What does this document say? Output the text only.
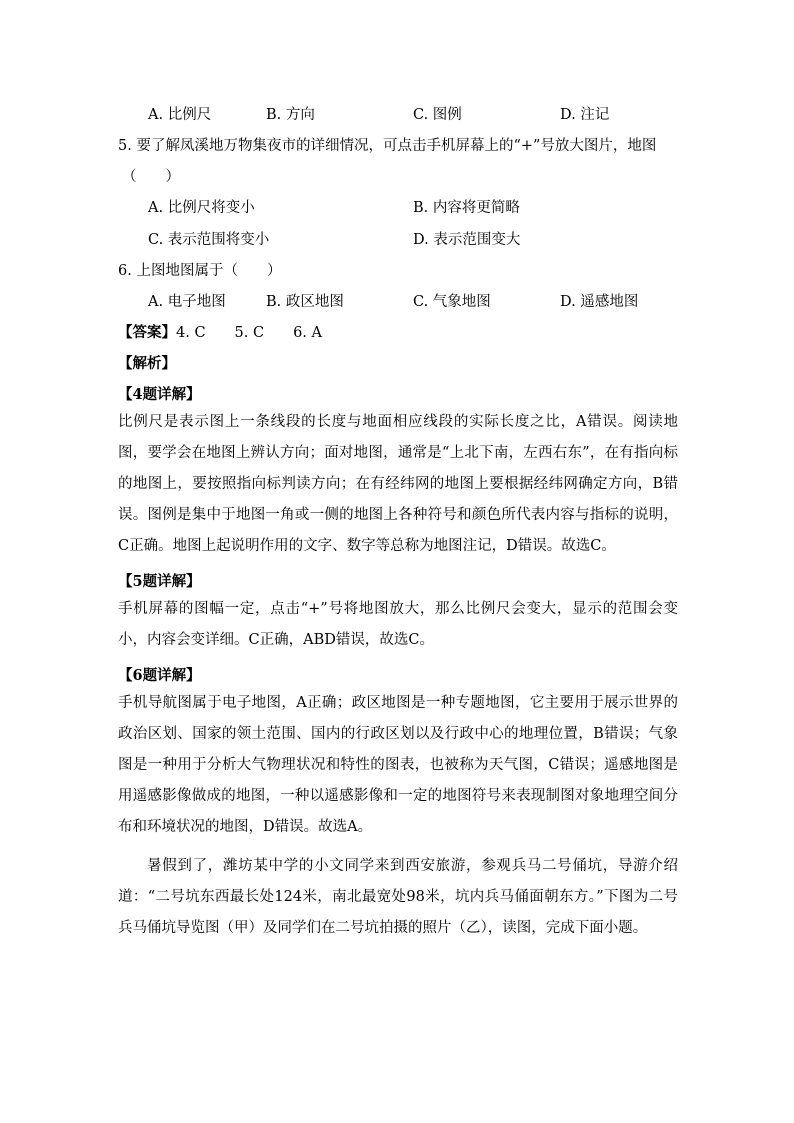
A. 比例尺	B. 方向	C. 图例	D. 注记
5. 要了解凤溪地万物集夜市的详细情况，可点击手机屏幕上的“+”号放大图片，地图
（　　）
A. 比例尺将变小	B. 内容将更简略
C. 表示范围将变小	D. 表示范围变大
6. 上图地图属于（　　）
A. 电子地图	B. 政区地图	C. 气象地图	D. 遥感地图
【答案】4. C　　5. C　　6. A
【解析】
【4题详解】
比例尺是表示图上一条线段的长度与地面相应线段的实际长度之比，A错误。阅读地图，要学会在地图上辨认方向；面对地图，通常是“上北下南，左西右东”，在有指向标的地图上，要按照指向标判读方向；在有经纬网的地图上要根据经纬网确定方向，B错误。图例是集中于地图一角或一侧的地图上各种符号和颜色所代表内容与指标的说明，C正确。地图上起说明作用的文字、数字等总称为地图注记，D错误。故选C。
【5题详解】
手机屏幕的图幅一定，点击“+”号将地图放大，那么比例尺会变大，显示的范围会变小，内容会变详细。C正确，ABD错误，故选C。
【6题详解】
手机导航图属于电子地图，A正确；政区地图是一种专题地图，它主要用于展示世界的政治区划、国家的领土范围、国内的行政区划以及行政中心的地理位置，B错误；气象图是一种用于分析大气物理状况和特性的图表，也被称为天气图，C错误；遥感地图是用遥感影像做成的地图，一种以遥感影像和一定的地图符号来表现制图对象地理空间分布和环境状况的地图，D错误。故选A。
暑假到了，潍坊某中学的小文同学来到西安旅游，参观兵马二号俑坑，导游介绍道：“二号坑东西最长处124米，南北最宽处98米，坑内兵马俑面朝东方。”下图为二号兵马俑坑导览图（甲）及同学们在二号坑拍摄的照片（乙），读图，完成下面小题。
